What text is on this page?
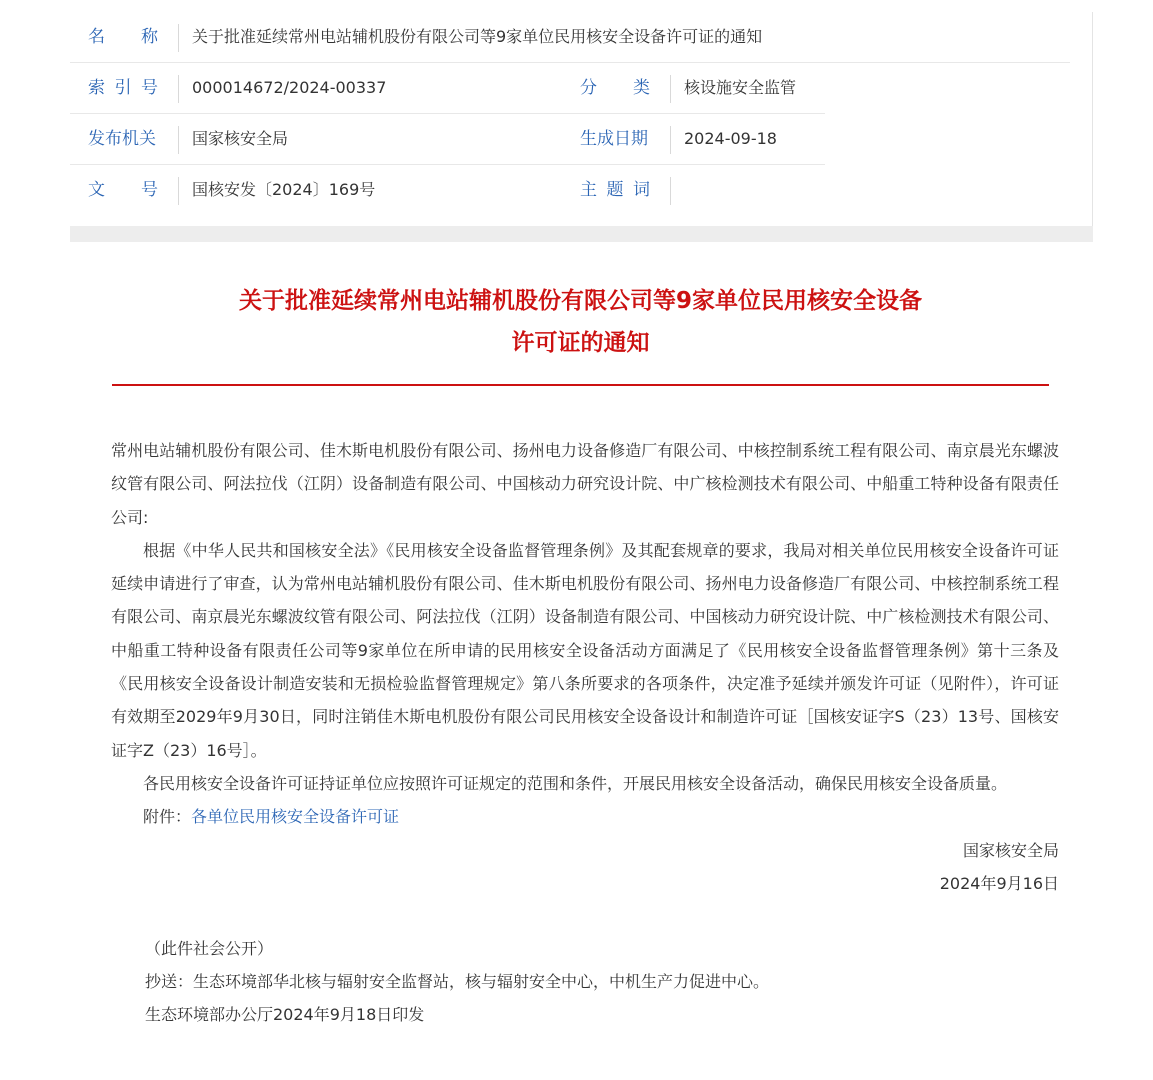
名 称 关于批准延续常州电站辅机股份有限公司等9家单位民用核安全设备许可证的通知
索 引 号 000014672/2024-00337	分 类 核设施安全监管
发布机关 国家核安全局	生成日期 2024-09-18
文 号 国核安发〔2024〕169号	主 题 词
关于批准延续常州电站辅机股份有限公司等9家单位民用核安全设备
许可证的通知

常州电站辅机股份有限公司、佳木斯电机股份有限公司、扬州电力设备修造厂有限公司、中核控制系统工程有限公司、南京晨光东螺波纹管有限公司、阿法拉伐（江阴）设备制造有限公司、中国核动力研究设计院、中广核检测技术有限公司、中船重工特种设备有限责任公司:

根据《中华人民共和国核安全法》《民用核安全设备监督管理条例》及其配套规章的要求，我局对相关单位民用核安全设备许可证延续申请进行了审查，认为常州电站辅机股份有限公司、佳木斯电机股份有限公司、扬州电力设备修造厂有限公司、中核控制系统工程有限公司、南京晨光东螺波纹管有限公司、阿法拉伐（江阴）设备制造有限公司、中国核动力研究设计院、中广核检测技术有限公司、中船重工特种设备有限责任公司等9家单位在所申请的民用核安全设备活动方面满足了《民用核安全设备监督管理条例》第十三条及《民用核安全设备设计制造安装和无损检验监督管理规定》第八条所要求的各项条件，决定准予延续并颁发许可证（见附件），许可证有效期至2029年9月30日，同时注销佳木斯电机股份有限公司民用核安全设备设计和制造许可证［国核安证字S（23）13号、国核安证字Z（23）16号］。

各民用核安全设备许可证持证单位应按照许可证规定的范围和条件，开展民用核安全设备活动，确保民用核安全设备质量。

附件：各单位民用核安全设备许可证

国家核安全局

2024年9月16日

（此件社会公开）

抄送：生态环境部华北核与辐射安全监督站，核与辐射安全中心，中机生产力促进中心。

生态环境部办公厅2024年9月18日印发
